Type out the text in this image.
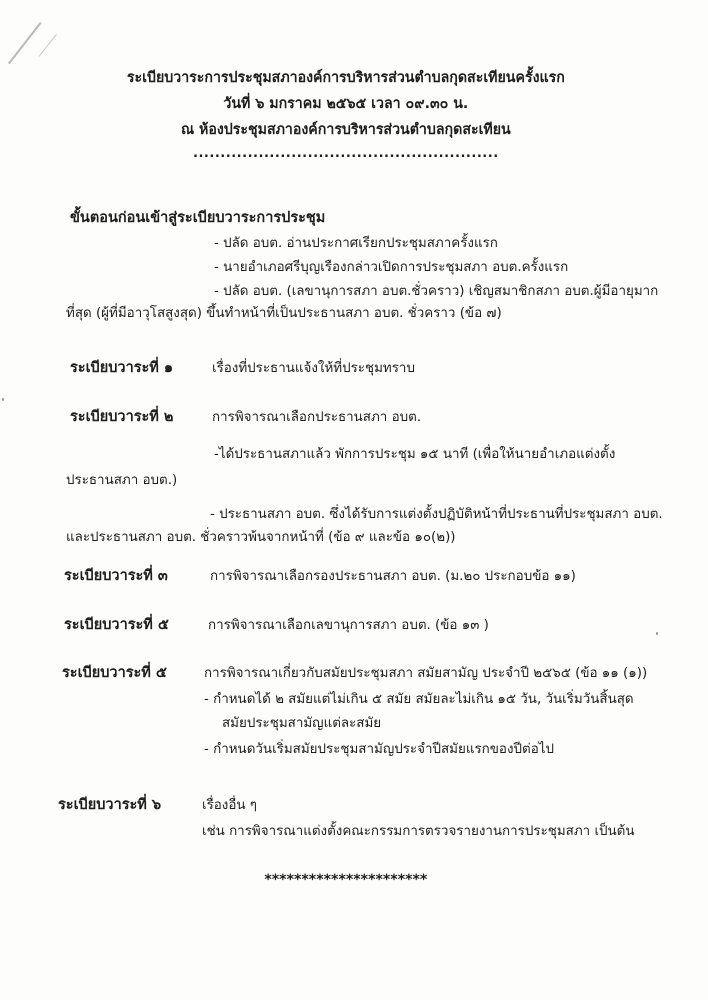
ระเบียบวาระการประชุมสภาองค์การบริหารส่วนตำบลกุดสะเทียนครั้งแรก
วันที่ ๖ มกราคม ๒๕๖๕ เวลา ๐๙.๓๐ น.
ณ ห้องประชุมสภาองค์การบริหารส่วนตำบลกุดสะเทียน
........................................................
ขั้นตอนก่อนเข้าสู่ระเบียบวาระการประชุม
- ปลัด อบต. อ่านประกาศเรียกประชุมสภาครั้งแรก
- นายอำเภอศรีบุญเรืองกล่าวเปิดการประชุมสภา อบต.ครั้งแรก
- ปลัด อบต. (เลขานุการสภา อบต.ชั่วคราว) เชิญสมาชิกสภา อบต.ผู้มีอายุมาก
ที่สุด (ผู้ที่มีอาวุโสสูงสุด) ขึ้นทำหน้าที่เป็นประธานสภา อบต. ชั่วคราว (ข้อ ๗)
ระเบียบวาระที่ ๑	เรื่องที่ประธานแจ้งให้ที่ประชุมทราบ
ระเบียบวาระที่ ๒	การพิจารณาเลือกประธานสภา อบต.
-ได้ประธานสภาแล้ว พักการประชุม ๑๕ นาที (เพื่อให้นายอำเภอแต่งตั้ง
ประธานสภา อบต.)
- ประธานสภา อบต. ซึ่งได้รับการแต่งตั้งปฏิบัติหน้าที่ประธานที่ประชุมสภา อบต.
และประธานสภา อบต. ชั่วคราวพ้นจากหน้าที่ (ข้อ ๙ และข้อ ๑๐(๒))
ระเบียบวาระที่ ๓	การพิจารณาเลือกรองประธานสภา อบต. (ม.๒๐ ประกอบข้อ ๑๑)
ระเบียบวาระที่ ๕	การพิจารณาเลือกเลขานุการสภา อบต. (ข้อ ๑๓ )
ระเบียบวาระที่ ๕	การพิจารณาเกี่ยวกับสมัยประชุมสภา สมัยสามัญ ประจำปี ๒๕๖๕ (ข้อ ๑๑ (๑))
- กำหนดได้ ๒ สมัยแต่ไม่เกิน ๕ สมัย สมัยละไม่เกิน ๑๕ วัน, วันเริ่มวันสิ้นสุด
สมัยประชุมสามัญแต่ละสมัย
- กำหนดวันเริ่มสมัยประชุมสามัญประจำปีสมัยแรกของปีต่อไป
ระเบียบวาระที่ ๖	เรื่องอื่น ๆ
เช่น การพิจารณาแต่งตั้งคณะกรรมการตรวจรายงานการประชุมสภา เป็นต้น
**********************
